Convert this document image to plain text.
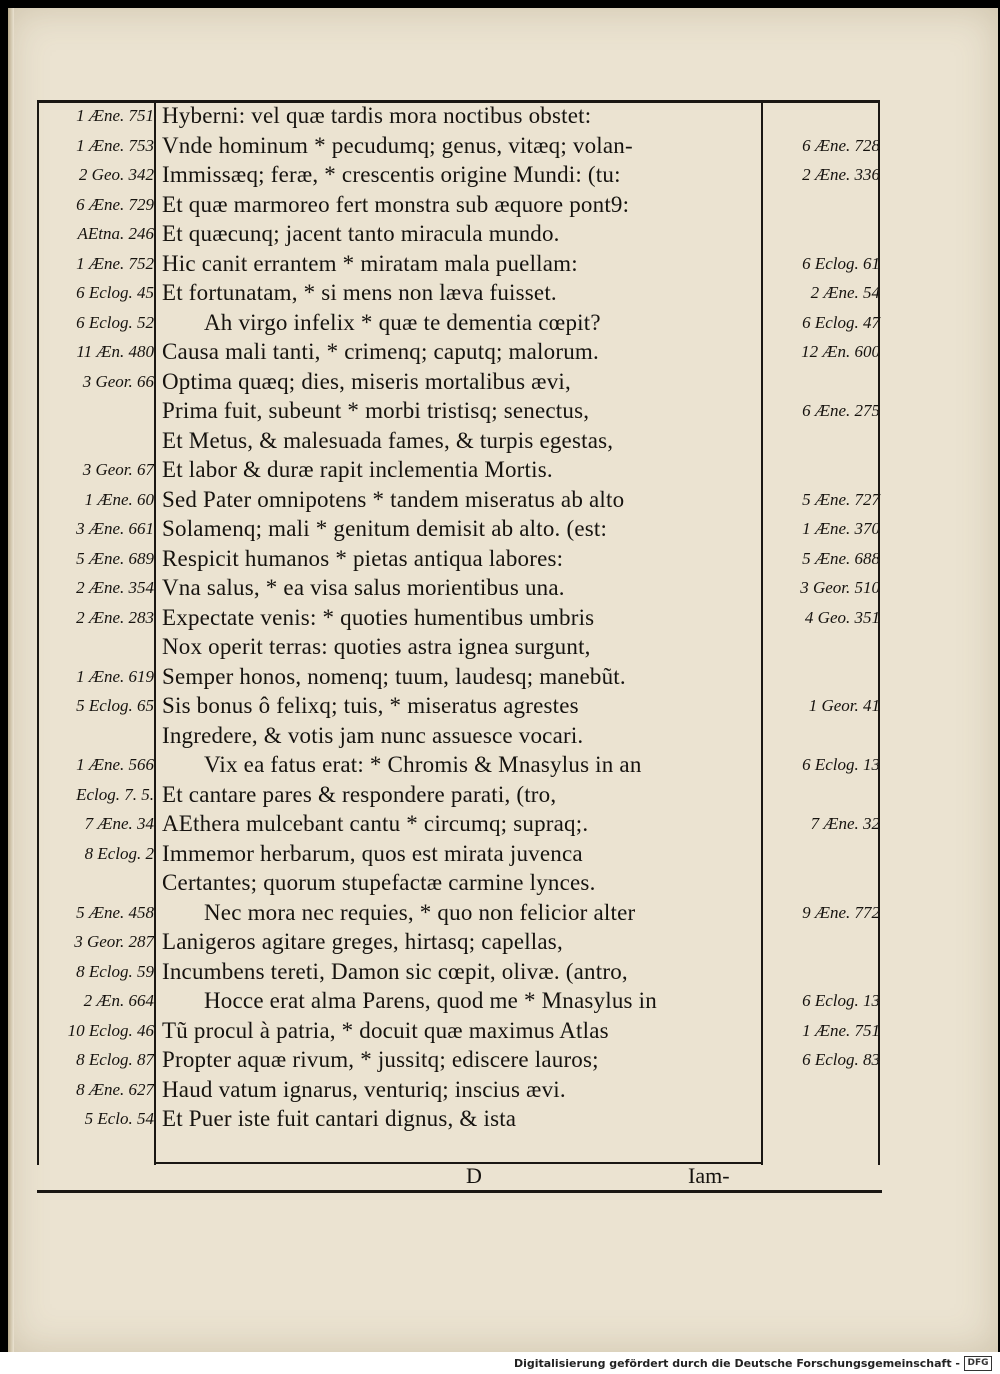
1 Æne. 751 Hyberni: vel quæ tardis mora noctibus obstet:
1 Æne. 753 Vnde hominum * pecudumq; genus, vitæq; volan-	6 Æne. 728
2 Geo. 342 Immissæq; feræ, * crescentis origine Mundi: (tu:	2 Æne. 336
6 Æne. 729 Et quæ marmoreo fert monstra sub æquore pont9:
AEtna. 246 Et quæcunq; jacent tanto miracula mundo.
1 Æne. 752 Hic canit errantem * miratam mala puellam:	6 Eclog. 61
6 Eclog. 45 Et fortunatam, * si mens non læva fuisset.	2 Æne. 54
6 Eclog. 52	Ah virgo infelix * quæ te dementia cœpit?	6 Eclog. 47
11 Æn. 480 Causa mali tanti, * crimenq; caputq; malorum.	12 Æn. 600
3 Geor. 66 Optima quæq; dies, miseris mortalibus ævi,
Prima fuit, subeunt * morbi tristisq; senectus,	6 Æne. 275
Et Metus, & malesuada fames, & turpis egestas,
3 Geor. 67 Et labor & duræ rapit inclementia Mortis.
1 Æne. 60 Sed Pater omnipotens * tandem miseratus ab alto	5 Æne. 727
3 Æne. 661 Solamenq; mali * genitum demisit ab alto. (est:	1 Æne. 370
5 Æne. 689 Respicit humanos * pietas antiqua labores:	5 Æne. 688
2 Æne. 354 Vna salus, * ea visa salus morientibus una.	3 Geor. 510
2 Æne. 283 Expectate venis: * quoties humentibus umbris	4 Geo. 351
Nox operit terras: quoties astra ignea surgunt,
1 Æne. 619 Semper honos, nomenq; tuum, laudesq; manebũt.
5 Eclog. 65 Sis bonus ô felixq; tuis, * miseratus agrestes	1 Geor. 41
Ingredere, & votis jam nunc assuesce vocari.
1 Æne. 566	Vix ea fatus erat: * Chromis & Mnasylus in an	6 Eclog. 13
Eclog. 7. 5. Et cantare pares & respondere parati, (tro,
7 Æne. 34 AEthera mulcebant cantu * circumq; supraq;.	7 Æne. 32
8 Eclog. 2 Immemor herbarum, quos est mirata juvenca
Certantes; quorum stupefactæ carmine lynces.
5 Æne. 458	Nec mora nec requies, * quo non felicior alter	9 Æne. 772
3 Geor. 287 Lanigeros agitare greges, hirtasq; capellas,
8 Eclog. 59 Incumbens tereti, Damon sic cœpit, olivæ. (antro,
2 Æn. 664	Hocce erat alma Parens, quod me * Mnasylus in	6 Eclog. 13
10 Eclog. 46 Tũ procul à patria, * docuit quæ maximus Atlas	1 Æne. 751
8 Eclog. 87 Propter aquæ rivum, * jussitq; ediscere lauros;	6 Eclog. 83
8 Æne. 627 Haud vatum ignarus, venturiq; inscius ævi.
5 Eclo. 54 Et Puer iste fuit cantari dignus, & ista
D	Iam-
Digitalisierung gefördert durch die Deutsche Forschungsgemeinschaft - DFG
